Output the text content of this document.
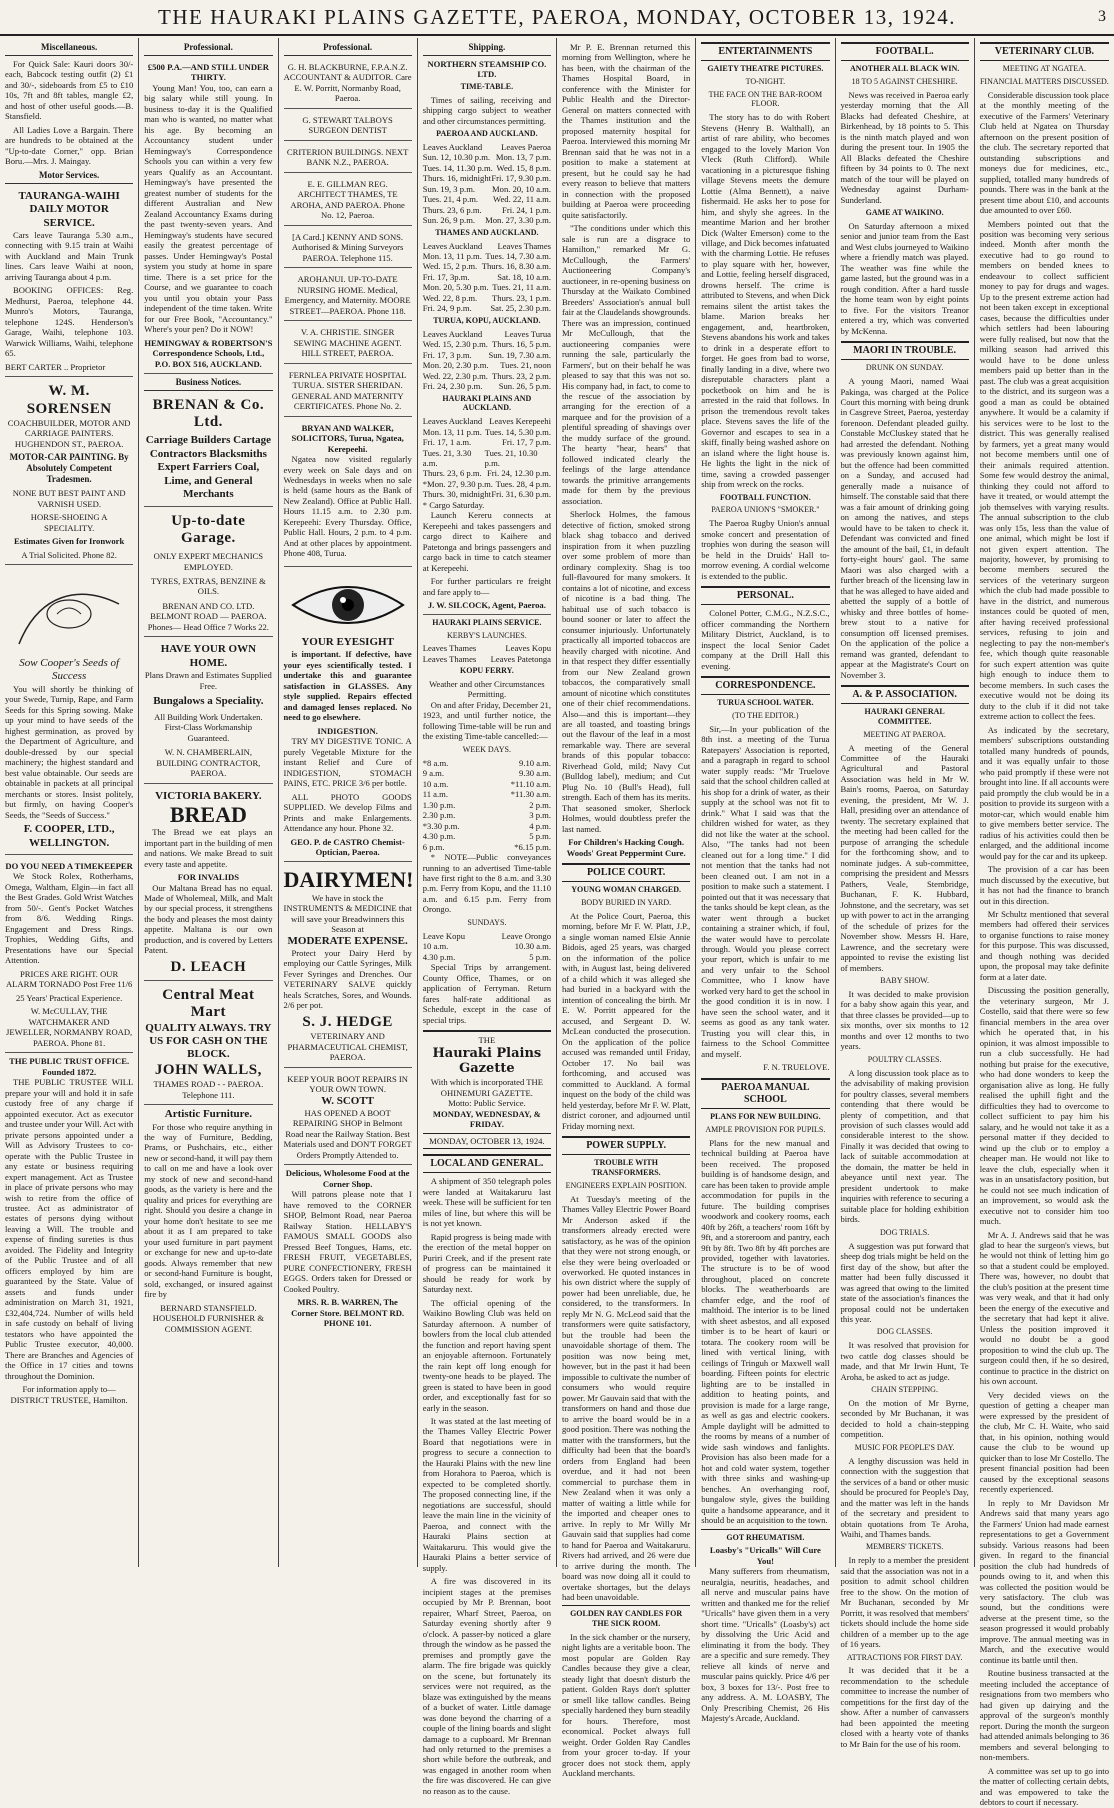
THE HAURAKI PLAINS GAZETTE, PAEROA, MONDAY, OCTOBER 13, 1924.	3
Miscellaneous.

For Quick Sale: Kauri doors 30/-each, Babcock testing outfit (2) £1 and 30/-, sideboards from £5 to £10 10s, 7ft and 8ft tables, mangle £2, and host of other useful goods.—B. Stansfield.

All Ladies Love a Bargain. There are hundreds to be obtained at the "Up-to-date Corner," opp. Brian Boru.—Mrs. J. Maingay.

Motor Services.
TAURANGA-WAIHI DAILY MOTOR SERVICE.

Cars leave Tauranga 5.30 a.m., connecting with 9.15 train at Waihi with Auckland and Main Trunk lines. Cars leave Waihi at noon, arriving Tauranga about 4 p.m.

BOOKING OFFICES: Reg. Medhurst, Paeroa, telephone 44. Munro's Motors, Tauranga, telephone 124S. Henderson's Garage, Waihi, telephone 103. Warwick Williams, Waihi, telephone 65.

BERT CARTER .. Proprietor
W. M. SORENSEN
COACHBUILDER, MOTOR AND CARRIAGE PAINTERS. HUGHENDON ST., PAEROA.
MOTOR-CAR PAINTING. By Absolutely Competent Tradesmen.
NONE BUT BEST PAINT AND VARNISH USED.
HORSE-SHOEING A SPECIALITY.
Estimates Given for Ironwork
A Trial Solicited. Phone 82.
Sow Cooper's Seeds of Success

You will shortly be thinking of your Swede, Turnip, Rape, and Farm Seeds for this Spring sowing. Make up your mind to have seeds of the highest germination, as proved by the Department of Agriculture, and double-dressed by our special machinery; the highest standard and best value obtainable. Our seeds are obtainable in packets at all principal merchants or stores. Insist politely, but firmly, on having Cooper's Seeds, the "Seeds of Success."

F. COOPER, LTD., WELLINGTON.
DO YOU NEED A TIMEKEEPER

We Stock Rolex, Rotherhams, Omega, Waltham, Elgin—in fact all the Best Grades. Gold Wrist Watches from 50/-. Gent's Pocket Watches from 8/6. Wedding Rings. Engagement and Dress Rings. Trophies, Wedding Gifts, and Presentations have our Special Attention.

PRICES ARE RIGHT. OUR ALARM TORNADO Post Free 11/6
25 Years' Practical Experience.
W. McCULLAY, THE WATCHMAKER AND JEWELLER, NORMANBY ROAD, PAEROA. Phone 81.
THE PUBLIC TRUST OFFICE. Founded 1872.

THE PUBLIC TRUSTEE WILL prepare your will and hold it in safe custody free of any charge if appointed executor. Act as executor and trustee under your Will. Act with private persons appointed under a Will as Advisory Trustees to co-operate with the Public Trustee in any estate or business requiring expert management. Act as Trustee in place of private persons who may wish to retire from the office of trustee. Act as administrator of estates of persons dying without leaving a Will. The trouble and expense of finding sureties is thus avoided. The Fidelity and Integrity of the Public Trustee and of all officers employed by him are guaranteed by the State. Value of assets and funds under administration on March 31, 1921, £32,404,724. Number of wills held in safe custody on behalf of living testators who have appointed the Public Trustee executor, 40,000. There are Branches and Agencies of the Office in 17 cities and towns throughout the Dominion.

For information apply to— DISTRICT TRUSTEE, Hamilton.
Professional.
£500 P.A.—AND STILL UNDER THIRTY.

Young Man! You, too, can earn a big salary while still young. In business to-day it is the Qualified man who is wanted, no matter what his age. By becoming an Accountancy student under Hemingway's Correspondence Schools you can within a very few years Qualify as an Accountant. Hemingway's have presented the greatest number of students for the different Australian and New Zealand Accountancy Exams during the past twenty-seven years. And Hemingway's students have secured easily the greatest percentage of passes. Under Hemingway's Postal system you study at home in spare time. There is a set price for the Course, and we guarantee to coach you until you obtain your Pass independent of the time taken. Write for our Free Book, "Accountancy." Where's your pen? Do it NOW!

HEMINGWAY & ROBERTSON'S Correspondence Schools, Ltd., P.O. BOX 516, AUCKLAND.
Business Notices.
BRENAN & Co. Ltd.
Carriage Builders Cartage Contractors Blacksmiths Expert Farriers Coal, Lime, and General Merchants
Up-to-date Garage.
ONLY EXPERT MECHANICS EMPLOYED.
TYRES, EXTRAS, BENZINE & OILS.
BRENAN AND CO. LTD. BELMONT ROAD — PAEROA. Phones— Head Office 7 Works 22.
HAVE YOUR OWN HOME.
Plans Drawn and Estimates Supplied Free.
Bungalows a Speciality.
All Building Work Undertaken. First-Class Workmanship Guaranteed.
W. N. CHAMBERLAIN, BUILDING CONTRACTOR, PAEROA.
VICTORIA BAKERY.
BREAD

The Bread we eat plays an important part in the building of men and nations. We make Bread to suit every taste and appetite.

FOR INVALIDS

Our Maltana Bread has no equal. Made of Wholemeal, Milk, and Malt by our special process, it strengthens the body and pleases the most dainty appetite. Maltana is our own production, and is covered by Letters Patent.

D. LEACH
Central Meat Mart
QUALITY ALWAYS. TRY US FOR CASH ON THE BLOCK.
JOHN WALLS,
THAMES ROAD - - PAEROA. Telephone 111.
Artistic Furniture.

For those who require anything in the way of Furniture, Bedding, Prams, or Pushchairs, etc., either new or second-hand, it will pay them to call on me and have a look over my stock of new and second-hand goods, as the variety is here and the quality and prices for everything are right. Should you desire a change in your home don't hesitate to see me about it as I am prepared to take your used furniture in part payment or exchange for new and up-to-date goods. Always remember that new or second-hand Furniture is bought, sold, exchanged, or insured against fire by

BERNARD STANSFIELD. HOUSEHOLD FURNISHER & COMMISSION AGENT.
Professional.
G. H. BLACKBURNE, F.P.A.N.Z. ACCOUNTANT & AUDITOR. Care E. W. Porritt, Normanby Road, Paeroa.
G. STEWART TALBOYS SURGEON DENTIST
CRITERION BUILDINGS. NEXT BANK N.Z., PAEROA.
E. E. GILLMAN REG. ARCHITECT THAMES, TE AROHA, AND PAEROA. Phone No. 12, Paeroa.
[A Card.] KENNY AND SONS. Authorised & Mining Surveyors PAEROA. Telephone 115.
AROHANUI. UP-TO-DATE NURSING HOME. Medical, Emergency, and Maternity. MOORE STREET—PAEROA. Phone 118.
V. A. CHRISTIE. SINGER SEWING MACHINE AGENT. HILL STREET, PAEROA.
FERNLEA PRIVATE HOSPITAL TURUA. SISTER SHERIDAN. GENERAL AND MATERNITY CERTIFICATES. Phone No. 2.
BRYAN AND WALKER, SOLICITORS, Turua, Ngatea, Kerepeehi.

Ngatea now visited regularly every week on Sale days and on Wednesdays in weeks when no sale is held (same hours as the Bank of New Zealand). Office at Public Hall. Hours 11.15 a.m. to 2.30 p.m. Kerepeehi: Every Thursday. Office, Public Hall. Hours, 2 p.m. to 4 p.m. And at other places by appointment. Phone 408, Turua.

YOUR EYESIGHT

is important. If defective, have your eyes scientifically tested. I undertake this and guarantee satisfaction in GLASSES. Any style supplied. Repairs effected and damaged lenses replaced. No need to go elsewhere.

INDIGESTION.

TRY MY DIGESTIVE TONIC. A purely Vegetable Mixture for the instant Relief and Cure of INDIGESTION, STOMACH PAINS, ETC. PRICE 3/6 per bottle.

ALL PHOTO GOODS SUPPLIED. We develop Films and Prints and make Enlargements. Attendance any hour. Phone 32.

GEO. P. de CASTRO Chemist-Optician, Paeroa.
DAIRYMEN!
We have in stock the INSTRUMENTS & MEDICINE that will save your Breadwinners this Season at
MODERATE EXPENSE.

Protect your Dairy Herd by employing our Cattle Syringes, Milk Fever Syringes and Drenches. Our VETERINARY SALVE quickly heals Scratches, Sores, and Wounds. 2/6 per pot.

S. J. HEDGE
VETERINARY AND PHARMACEUTICAL CHEMIST, PAEROA.
KEEP YOUR BOOT REPAIRS IN YOUR OWN TOWN.
W. SCOTT
HAS OPENED A BOOT REPAIRING SHOP in Belmont Road near the Railway Station. Best Materials used and DON'T FORGET Orders Promptly Attended to.
Delicious, Wholesome Food at the Corner Shop.

Will patrons please note that I have removed to the CORNER SHOP, Belmont Road, near Paeroa Railway Station. HELLABY'S FAMOUS SMALL GOODS also Pressed Beef Tongues, Hams, etc. FRESH FRUIT, VEGETABLES, PURE CONFECTIONERY, FRESH EGGS. Orders taken for Dressed or Cooked Poultry.

MRS. R. B. WARREN, The Corner Store. BELMONT RD. PHONE 101.
Shipping.
NORTHERN STEAMSHIP CO. LTD.
TIME-TABLE.

Times of sailing, receiving and shipping cargo subject to weather and other circumstances permitting.

PAEROA AND AUCKLAND.
Leaves Auckland Leaves Paeroa
Sun. 12, 10.30 p.m. Mon. 13, 7 p.m.
Tues. 14, 11.30 p.m. Wed. 15, 8 p.m.
Thurs. 16, midnight Fri. 17, 9.30 p.m.
Sun. 19, 3 p.m. Mon. 20, 10 a.m.
Tues. 21, 4 p.m. Wed. 22, 11 a.m.
Thurs. 23, 6 p.m. Fri. 24, 1 p.m.
Sun. 26, 9 p.m. Mon. 27, 3.30 p.m.
THAMES AND AUCKLAND.
Leaves Auckland Leaves Thames
Mon. 13, 11 p.m. Tues. 14, 7.30 a.m.
Wed. 15, 2 p.m. Thurs. 16, 8.30 a.m.
Fri. 17, 3p.m.	Sat. 18, 10 a.m.
Mon. 20, 5.30 p.m. Tues. 21, 11 a.m.
Wed. 22, 8 p.m. Thurs. 23, 1 p.m.
Fri. 24, 9 p.m. Sat. 25, 2.30 p.m.
TURUA, KOPU, AUCKLAND.
Leaves Auckland	Leaves Turua
Wed. 15, 2.30 p.m. Thurs. 16, 5 p.m.
Fri. 17, 3 p.m. Sun. 19, 7.30 a.m.
Mon. 20, 2.30 p.m. Tues. 21, noon
Wed. 22, 2.30 p.m. Thurs. 23, 2 p.m.
Fri. 24, 2.30 p.m. Sun. 26, 5 p.m.
HAURAKI PLAINS AND AUCKLAND.
Leaves Auckland Leaves Kerepeehi
Mon. 13, 11 p.m. Tues. 14, 5.30 p.m.
Fri. 17, 1 a.m.	Fri. 17, 7 p.m.
Tues. 21, 3.30 a.m.
Tues. 21, 10.30 p.m.
Thurs. 23, 6 p.m. Fri. 24, 12.30 p.m.
*Mon. 27, 9.30 p.m. Tues. 28, 4 p.m.
Thurs. 30, midnight Fri. 31, 6.30 p.m.
* Cargo Saturday.

Launch Kereru connects at Kerepeehi and takes passengers and cargo direct to Kaihere and Patetonga and brings passengers and cargo back in time to catch steamer at Kerepeehi.

For further particulars re freight and fare apply to—

J. W. SILCOCK, Agent, Paeroa.
HAURAKI PLAINS SERVICE.
KERBY'S LAUNCHES.
Leaves Thames	Leaves Kopu
Leaves Thames Leaves Patetonga
KOPU FERRY.
Weather and other Circumstances Permitting.

On and after Friday, December 21, 1923, and until further notice, the following Time-table will be run and the existing Time-table cancelled:—

WEEK DAYS.
*8 a.m.	9.10 a.m.
9 a.m.	9.30 a.m.
10 a.m.	*11.10 a.m.
11 a.m.	*11.30 a.m.
1.30 p.m.	2 p.m.
2.30 p.m.	3 p.m.
*3.30 p.m.	4 p.m.
4.30 p.m.	5 p.m.
6 p.m.	*6.15 p.m.

* NOTE—Public conveyances running to an advertised Time-table have first right to the 8 a.m. and 3.30 p.m. Ferry from Kopu, and the 11.10 a.m. and 6.15 p.m. Ferry from Orongo.

SUNDAYS.
Leave Kopu	Leave Orongo
10 a.m.	10.30 a.m.
4.30 p.m.	5 p.m.

Special Trips by arrangement. County Office, Thames, or on application of Ferryman. Return fares half-rate additional as Schedule, except in the case of special trips.

THE
Hauraki Plains Gazette
With which is incorporated THE OHINEMURI GAZETTE.
Motto: Public Service.
MONDAY, WEDNESDAY, & FRIDAY.
MONDAY, OCTOBER 13, 1924.
LOCAL AND GENERAL.

A shipment of 350 telegraph poles were landed at Waitakaruru last week. These will be sufficient for ten miles of line, but where this will be is not yet known.

Rapid progress is being made with the erection of the metal hopper on Puriri Creek, and if the present rate of progress can be maintained it should be ready for work by Saturday next.

The official opening of the Waikino Bowling Club was held on Saturday afternoon. A number of bowlers from the local club attended the function and report having spent an enjoyable afternoon. Fortunately the rain kept off long enough for twenty-one heads to be played. The green is stated to have been in good order, and exceptionally fast for so early in the season.

It was stated at the last meeting of the Thames Valley Electric Power Board that negotiations were in progress to secure a connection to the Hauraki Plains with the new line from Horahora to Paeroa, which is expected to be completed shortly. The proposed connecting line, if the negotiations are successful, should leave the main line in the vicinity of Paeroa, and connect with the Hauraki Plains section at Waitakaruru. This would give the Hauraki Plains a better service of supply.

A fire was discovered in its incipient stages at the premises occupied by Mr P. Brennan, boot repairer, Wharf Street, Paeroa, on Saturday evening shortly after 9 o'clock. A passer-by noticed a glare through the window as he passed the premises and promptly gave the alarm. The fire brigade was quickly on the scene, but fortunately its services were not required, as the blaze was extinguished by the means of a bucket of water. Little damage was done beyond the charring of a couple of the lining boards and slight damage to a cupboard. Mr Brennan had only returned to the premises a short while before the outbreak, and was engaged in another room when the fire was discovered. He can give no reason as to the cause.

Mr P. E. Brennan returned this morning from Wellington, where he has been, with the chairman of the Thames Hospital Board, in conference with the Minister for Public Health and the Director-General on matters connected with the Thames institution and the proposed maternity hospital for Paeroa. Interviewed this morning Mr Brennan said that he was not in a position to make a statement at present, but he could say he had every reason to believe that matters in connection with the proposed building at Paeroa were proceeding quite satisfactorily.

"The conditions under which this sale is run are a disgrace to Hamilton," remarked Mr G. McCullough, the Farmers' Auctioneering Company's auctioneer, in re-opening business on Thursday at the Waikato Combined Breeders' Association's annual bull fair at the Claudelands showgrounds. There was an impression, continued Mr McCullough, that the auctioneering companies were running the sale, particularly the Farmers', but on their behalf he was pleased to say that this was not so. His company had, in fact, to come to the rescue of the association by arranging for the erection of a marquee and for the provision of a plentiful spreading of shavings over the muddy surface of the ground. The hearty "hear, hears" that followed indicated clearly the feelings of the large attendance towards the primitive arrangements made for them by the previous association.

Sherlock Holmes, the famous detective of fiction, smoked strong black shag tobacco and derived inspiration from it when puzzling over some problem of more than ordinary complexity. Shag is too full-flavoured for many smokers. It contains a lot of nicotine, and excess of nicotine is a bad thing. The habitual use of such tobacco is bound sooner or later to affect the consumer injuriously. Unfortunately practically all imported tobaccos are heavily charged with nicotine. And in that respect they differ essentially from our New Zealand grown tobaccos, the comparatively small amount of nicotine which constitutes one of their chief recommendations. Also—and this is important—they are all toasted, and toasting brings out the flavour of the leaf in a most remarkable way. There are several brands of this popular tobacco: Riverhead Gold, mild; Navy Cut (Bulldog label), medium; and Cut Plug No. 10 (Bull's Head), full strength. Each of them has its merits. That seasoned smoker, Sherlock Holmes, would doubtless prefer the last named.

For Children's Hacking Cough. Woods' Great Peppermint Cure.
POLICE COURT.
YOUNG WOMAN CHARGED.
BODY BURIED IN YARD.

At the Police Court, Paeroa, this morning, before Mr F. W. Platt, J.P., a single woman named Elsie Annie Bidois, aged 25 years, was charged on the information of the police with, in August last, being delivered of a child which it was alleged she had buried in a backyard with the intention of concealing the birth. Mr E. W. Porritt appeared for the accused, and Sergeant D. W. McLean conducted the prosecution. On the application of the police accused was remanded until Friday, October 17. No bail was forthcoming, and accused was committed to Auckland. A formal inquest on the body of the child was held yesterday, before Mr F. W. Platt, district coroner, and adjourned until Friday morning next.

POWER SUPPLY.
TROUBLE WITH TRANSFORMERS.
ENGINEERS EXPLAIN POSITION.

At Tuesday's meeting of the Thames Valley Electric Power Board Mr Anderson asked if the transformers already erected were satisfactory, as he was of the opinion that they were not strong enough, or else they were being overloaded or overworked. He quoted instances in his own district where the supply of power had been unreliable, due, he considered, to the transformers. In reply Mr N. G. McLeod said that the transformers were quite satisfactory, but the trouble had been the unavoidable shortage of them. The position was now being met, however, but in the past it had been impossible to cultivate the number of consumers who would require power. Mr Gauvain said that with the transformers on hand and those due to arrive the board would be in a good position. There was nothing the matter with the transformers, but the difficulty had been that the board's orders from England had been overdue, and it had not been commercial to purchase them in New Zealand when it was only a matter of waiting a little while for the imported and cheaper ones to arrive. In reply to Mr Willy Mr Gauvain said that supplies had come to hand for Paeroa and Waitakaruru. Rivers had arrived, and 26 were due to arrive during the month. The board was now doing all it could to overtake shortages, but the delays had been unavoidable.

GOLDEN RAY CANDLES FOR THE SICK ROOM.

In the sick chamber or the nursery, night lights are a veritable boon. The most popular are Golden Ray Candles because they give a clear, steady light that doesn't disturb the patient. Golden Rays don't splutter or smell like tallow candles. Being specially hardened they burn steadily for hours. Therefore, most economical. Pocket always full weight. Order Golden Ray Candles from your grocer to-day. If your grocer does not stock them, apply Auckland merchants.

ENTERTAINMENTS
GAIETY THEATRE PICTURES.
TO-NIGHT.
THE FACE ON THE BAR-ROOM FLOOR.

The story has to do with Robert Stevens (Henry B. Walthall), an artist of rare ability, who becomes engaged to the lovely Marion Von Vleck (Ruth Clifford). While vacationing in a picturesque fishing village Stevens meets the demure Lottie (Alma Bennett), a naive fishermaid. He asks her to pose for him, and shyly she agrees. In the meantime Marion and her brother Dick (Walter Emerson) come to the village, and Dick becomes infatuated with the charming Lottie. He refuses to play square with her, however, and Lottie, feeling herself disgraced, drowns herself. The crime is attributed to Stevens, and when Dick remains silent the artist takes the blame. Marion breaks her engagement, and, heartbroken, Stevens abandons his work and takes to drink in a desperate effort to forget. He goes from bad to worse, finally landing in a dive, where two disreputable characters plant a pocketbook on him and he is arrested in the raid that follows. In prison the tremendous revolt takes place. Stevens saves the life of the Governor and escapes to sea in a skiff, finally being washed ashore on an island where the light house is. He lights the light in the nick of time, saving a crowded passenger ship from wreck on the rocks.

FOOTBALL FUNCTION.
PAEROA UNION'S "SMOKER."

The Paeroa Rugby Union's annual smoke concert and presentation of trophies won during the season will be held in the Druids' Hall to-morrow evening. A cordial welcome is extended to the public.

PERSONAL.

Colonel Potter, C.M.G., N.Z.S.C., officer commanding the Northern Military District, Auckland, is to inspect the local Senior Cadet company at the Drill Hall this evening.

CORRESPONDENCE.
TURUA SCHOOL WATER.
(TO THE EDITOR.)

Sir,—In your publication of the 8th inst. a meeting of the Turua Ratepayers' Association is reported, and a paragraph in regard to school water supply reads: "Mr Truelove said that the school children called at his shop for a drink of water, as their supply at the school was not fit to drink." What I said was that the children wished for water, as they did not like the water at the school. Also, "The tanks had not been cleaned out for a long time." I did not mention that the tanks had not been cleaned out. I am not in a position to make such a statement. I pointed out that it was necessary that the tanks should be kept clean, as the water went through a bucket containing a strainer which, if foul, the water would have to percolate through. Would you please correct your report, which is unfair to me and very unfair to the School Committee, who I know have worked very hard to get the school in the good condition it is in now. I have seen the school water, and it seems as good as any tank water. Trusting you will clear this, in fairness to the School Committee and myself.

F. N. TRUELOVE.
PAEROA MANUAL SCHOOL
PLANS FOR NEW BUILDING.
AMPLE PROVISION FOR PUPILS.

Plans for the new manual and technical building at Paeroa have been received. The proposed building is of handsome design, and care has been taken to provide ample accommodation for pupils in the future. The building comprises woodwork and cookery rooms, each 40ft by 26ft, a teachers' room 16ft by 9ft, and a storeroom and pantry, each 9ft by 8ft. Two 8ft by 4ft porches are provided, together with lavatories. The structure is to be of wood throughout, placed on concrete blocks. The weatherboards are chamfer edge, and the roof of malthoid. The interior is to be lined with sheet asbestos, and all exposed timber is to be heart of kauri or totara. The cookery room will be lined with vertical lining, with ceilings of Tringuh or Maxwell wall boarding. Fifteen points for electric lighting are to be installed in addition to heating points, and provision is made for a large range, as well as gas and electric cookers. Ample daylight will be admitted to the rooms by means of a number of wide sash windows and fanlights. Provision has also been made for a hot and cold water system, together with three sinks and washing-up benches. An overhanging roof, bungalow style, gives the building quite a handsome appearance, and it should be an acquisition to the town.

GOT RHEUMATISM.
Loasby's "Uricalls" Will Cure You!

Many sufferers from rheumatism, neuralgia, neuritis, headaches, and all nerve and muscular pains have written and thanked me for the relief "Uricalls" have given them in a very short time. "Uricalls" (Loasby's) act by dissolving the Uric Acid and eliminating it from the body. They are a specific and sure remedy. They relieve all kinds of nerve and muscular pains quickly. Price 4/6 per box, 3 boxes for 13/-. Post free to any address. A. M. LOASBY, The Only Prescribing Chemist, 26 His Majesty's Arcade, Auckland.

FOOTBALL.
ANOTHER ALL BLACK WIN.
18 TO 5 AGAINST CHESHIRE.

News was received in Paeroa early yesterday morning that the All Blacks had defeated Cheshire, at Birkenhead, by 18 points to 5. This is the ninth match played and won during the present tour. In 1905 the All Blacks defeated the Cheshire fifteen by 34 points to 0. The next match of the tour will be played on Wednesday against Durham-Sunderland.

GAME AT WAIKINO.

On Saturday afternoon a mixed senior and junior team from the East and West clubs journeyed to Waikino where a friendly match was played. The weather was fine while the game lasted, but the ground was in a rough condition. After a hard tussle the home team won by eight points to five. For the visitors Treanor entered a try, which was converted by McKenna.

MAORI IN TROUBLE.
DRUNK ON SUNDAY.

A young Maori, named Waai Pakinga, was charged at the Police Court this morning with being drunk in Casgreve Street, Paeroa, yesterday forenoon. Defendant pleaded guilty. Constable McCluskey stated that he had arrested the defendant. Nothing was previously known against him, but the offence had been committed on a Sunday, and accused had generally made a nuisance of himself. The constable said that there was a fair amount of drinking going on among the natives, and steps would have to be taken to check it. Defendant was convicted and fined the amount of the bail, £1, in default forty-eight hours' gaol. The same Maori was also charged with a further breach of the licensing law in that he was alleged to have aided and abetted the supply of a bottle of whisky and three bottles of home-brew stout to a native for consumption off licensed premises. On the application of the police a remand was granted, defendant to appear at the Magistrate's Court on November 3.

A. & P. ASSOCIATION.
HAURAKI GENERAL COMMITTEE.
MEETING AT PAEROA.

A meeting of the General Committee of the Hauraki Agricultural and Pastoral Association was held in Mr W. Bain's rooms, Paeroa, on Saturday evening, the president, Mr W. J. Hall, presiding over an attendance of twenty. The secretary explained that the meeting had been called for the purpose of arranging the schedule for the forthcoming show, and to nominate judges. A sub-committee, comprising the president and Messrs Pathers, Veale, Stembridge, Buchanan, F. K. Hubbard, Johnstone, and the secretary, was set up with power to act in the arranging of the schedule of prizes for the November show. Messrs H. Hare, Lawrence, and the secretary were appointed to revise the existing list of members.

BABY SHOW.

It was decided to make provision for a baby show again this year, and that three classes be provided—up to six months, over six months to 12 months and over 12 months to two years.

POULTRY CLASSES.

A long discussion took place as to the advisability of making provision for poultry classes, several members contending that there would be plenty of competition, and that provision of such classes would add considerable interest to the show. Finally it was decided that owing to lack of suitable accommodation at the domain, the matter be held in abeyance until next year. The president undertook to make inquiries with reference to securing a suitable place for holding exhibition birds.

DOG TRIALS.

A suggestion was put forward that sheep dog trials might be held on the first day of the show, but after the matter had been fully discussed it was agreed that owing to the limited state of the association's finances the proposal could not be undertaken this year.

DOG CLASSES.

It was resolved that provision for two cattle dog classes should be made, and that Mr Irwin Hunt, Te Aroha, be asked to act as judge.

CHAIN STEPPING.

On the motion of Mr Byrne, seconded by Mr Buchanan, it was decided to hold a chain-stepping competition.

MUSIC FOR PEOPLE'S DAY.

A lengthy discussion was held in connection with the suggestion that the services of a band or other music should be procured for People's Day, and the matter was left in the hands of the secretary and president to obtain quotations from Te Aroha, Waihi, and Thames bands.

MEMBERS' TICKETS.

In reply to a member the president said that the association was not in a position to admit school children free to the show. On the motion of Mr Buchanan, seconded by Mr Porritt, it was resolved that members' tickets should include the home side children of a member up to the age of 16 years.

ATTRACTIONS FOR FIRST DAY.

It was decided that it be a recommendation to the schedule committee to increase the number of competitions for the first day of the show. After a number of canvassers had been appointed the meeting closed with a hearty vote of thanks to Mr Bain for the use of his room.

VETERINARY CLUB.
MEETING AT NGATEA.
FINANCIAL MATTERS DISCUSSED.

Considerable discussion took place at the monthly meeting of the executive of the Farmers' Veterinary Club held at Ngatea on Thursday afternoon on the present position of the club. The secretary reported that outstanding subscriptions and moneys due for medicines, etc., supplied, totalled many hundreds of pounds. There was in the bank at the present time about £10, and accounts due amounted to over £60.

Members pointed out that the position was becoming very serious indeed. Month after month the executive had to go round to members on bended knees to endeavour to collect sufficient money to pay for drugs and wages. Up to the present extreme action had not been taken except in exceptional cases, because the difficulties under which settlers had been labouring were fully realised, but now that the milking season had arrived this would have to be done unless members paid up better than in the past. The club was a great acquisition to the district, and its surgeon was a good a man as could be obtained anywhere. It would be a calamity if his services were to be lost to the district. This was generally realised by farmers, yet a great many would not become members until one of their animals required attention. Some few would destroy the animal, thinking they could not afford to have it treated, or would attempt the job themselves with varying results. The annual subscription to the club was only 15s, less than the value of one animal, which might be lost if not given expert attention. The majority, however, by promising to become members secured the services of the veterinary surgeon which the club had made possible to have in the district, and numerous instances could be quoted of men, after having received professional services, refusing to join and neglecting to pay the non-member's fee, which though quite reasonable for such expert attention was quite high enough to induce them to become members. In such cases the executive would not be doing its duty to the club if it did not take extreme action to collect the fees.

As indicated by the secretary, members' subscriptions outstanding totalled many hundreds of pounds, and it was equally unfair to those who paid promptly if these were not brought into line. If all accounts were paid promptly the club would be in a position to provide its surgeon with a motor-car, which would enable him to give members better service. The radius of his activities could then be enlarged, and the additional income would pay for the car and its upkeep.

The provision of a car has been much discussed by the executive, but it has not had the finance to branch out in this direction.

Mr Schultz mentioned that several members had offered their services to organise functions to raise money for this purpose. This was discussed, and though nothing was decided upon, the proposal may take definite form at a later date.

Discussing the position generally, the veterinary surgeon, Mr J. Costello, said that there were so few financial members in the area over which he operated that, in his opinion, it was almost impossible to run a club successfully. He had nothing but praise for the executive, who had done wonders to keep the organisation alive as long. He fully realised the uphill fight and the difficulties they had to overcome to collect sufficient to pay him his salary, and he would not take it as a personal matter if they decided to wind up the club or to employ a cheaper man. He would not like to leave the club, especially when it was in an unsatisfactory position, but he could not see much indication of an improvement, so would ask the executive not to consider him too much.

Mr A. J. Andrews said that he was glad to hear the surgeon's views, but he would not think of letting him go so that a student could be employed. There was, however, no doubt that the club's position at the present time was very weak, and that it had only been the energy of the executive and the secretary that had kept it alive. Unless the position improved it would no doubt be a good proposition to wind the club up. The surgeon could then, if he so desired, continue to practice in the district on his own account.

Very decided views on the question of getting a cheaper man were expressed by the president of the club, Mr C. H. Waite, who said that, in his opinion, nothing would cause the club to be wound up quicker than to lose Mr Costello. The present financial position had been caused by the exceptional seasons recently experienced.

In reply to Mr Davidson Mr Andrews said that many years ago the Farmers' Union had made earnest representations to get a Government subsidy. Various reasons had been given. In regard to the financial position the club had hundreds of pounds owing to it, and when this was collected the position would be very satisfactory. The club was sound, but the conditions were adverse at the present time, so the season progressed it would probably improve. The annual meeting was in March, and the executive would continue its battle until then.

Routine business transacted at the meeting included the acceptance of resignations from two members who had given up dairying and the approval of the surgeon's monthly report. During the month the surgeon had attended animals belonging to 36 members and several belonging to non-members.

A committee was set up to go into the matter of collecting certain debts, and was empowered to take the debtors to court if necessary.
